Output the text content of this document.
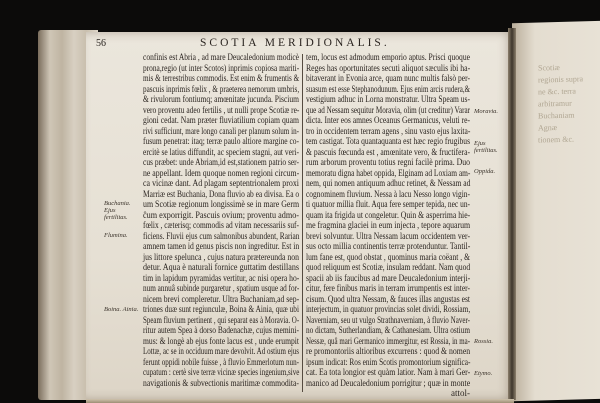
Scotiæ
regionis supra
ne &c. terra
arbitramur
Buchaniam
Agnæ
tionem &c.
56	SCOTIA MERIDIONALIS.
confinis est Abria , ad mare Deucaledonium modicè
prona,regio (ut inter Scotos) inprimis copiosa mariti-
mis & terrestribus commodis. Est enim & frumentis &
pascuis inprimis fœlix , & praeterea nemorum umbris,
& rivulorum fontiumq; amœnitate jucunda. Piscium
vero proventu adeo fertilis , ut nulli prope Scotiæ re-
gioni cedat. Nam præter fluviatilium copiam quam
rivi sufficiunt, mare longo canali per planum solum in-
fusum penetrat: itaq; terræ paulo altiore margine co-
ercitè se latius diffundit, ac speciem stagni, aut veri-
cus præbet: unde Abriam,id est,stationem patrio ser-
ne appellant. Idem quoque nomen regioni circum-
ca vicinæ dant. Ad plagam septentrionalem proxi
Marriæ est Buchania, Dona fluvio ab ea divisa. Ea o
um Scotiæ regionum longissimè se in mare Germ
ĉum exporrigit. Pascuis ovium; proventu admo-
fœlix , cæterisq; commodis ad vitam necessariis suf-
ficiens. Fluvii ejus cum salmonibus abundent, Rarian
amnem tamen id genus piscis non ingreditur. Est in
jus littore spelunca , cujus natura prætereunda non
detur. Aqua è naturali fornice guttatim destillans
tim in lapidum pyramidas vertitur, ac nisi opera ho-
num annuâ subinde purgaretur , spatium usque ad for-
nicem brevi compleretur. Ultra Buchaniam,ad sep-
triones duæ sunt regiunculæ, Boina & Ainia, quæ ubi
Speam fluvium pertinent , qui separat eas à Moravia. O-
ritur autem Spea à dorso Badenachæ, cujus memini-
mus: & longè ab ejus fonte lacus est , unde erumpit
Lottæ, ac se in occiduum mare devolvit. Ad ostium ejus
ferunt oppidi nobile fuisse , à fluvio Emmerlotum nun-
cupatum : certè sive terræ vicinæ species ingenium,sive
navigationis & subvectionis maritimæ commodita-
tem, locus est admodum emporio aptus. Prisci quoque
Reges has oportunitates secuti aliquot sæculis ibi ha-
bitaverant in Evonia arce, quam nunc multis falsò per-
suasum est esse Stephanodunum. Ejus enim arcis rudera,&
vestigium adhuc in Lorna monstratur. Ultra Speam us-
que ad Nessam sequitur Moravia, olim (ut creditur) Varar
dicta. Inter eos amnes Oceanus Germanicus, veluti re-
tro in occidentem terram agens , sinu vasto ejus laxita-
tem castigat. Tota quantaquanta est hæc regio frugibus
& pascuis fœcunda est , amœnitate vero, & fructifera-
rum arborum proventu totius regni facilè prima. Duo
memoratu digna habet oppida, Elginam ad Loxiam am-
nem, qui nomen antiquum adhuc retinet, & Nessam ad
cognominem fluvium. Nessa à lacu Nesso longo vigin-
ti quatuor millia fluit. Aqua fere semper tepida, nec un-
quam ita frigida ut congeletur. Quin & asperrima hie-
me fragmina glaciei in eum injecta , tepore aquarum
brevi solvuntur. Ultra Nessam lacum occidentem ver-
sus octo millia continentis terræ protenduntur. Tantil-
lum fane est, quod obstat , quominus maria coëant , &
quod reliquum est Scotiæ, insulam reddant. Nam quod
spacii ab iis faucibus ad mare Deucaledonium interji-
citur, fere finibus maris in terram irrumpentis est inter-
cisum. Quod ultra Nessam, & fauces illas angustas est
interjectum, in quatuor provincias solet dividi, Rossiam,
Naverniam, seu ut vulgo Strathnaverniam, à fluvio Naver-
no dictam, Sutherlandiam, & Cathanesiam. Ultra ostium
Nessæ, quâ mari Germanico immergitur, est Rossia, in ma-
re promontoriis altioribus excurrens : quod & nomen
ipsum indicat: Ros enim Scotis promontorium significa-
cat. Ea tota longior est quàm latior. Nam à mari Ger-
manico ad Deucaledonium porrigitur ; quæ in monte
attol-
Buchania. Ejus fertilitas.
Flumina.
Boina. Ainia.
Moravia.
Ejus fertilitas.
Oppida.
Rossia.
Etymo.
